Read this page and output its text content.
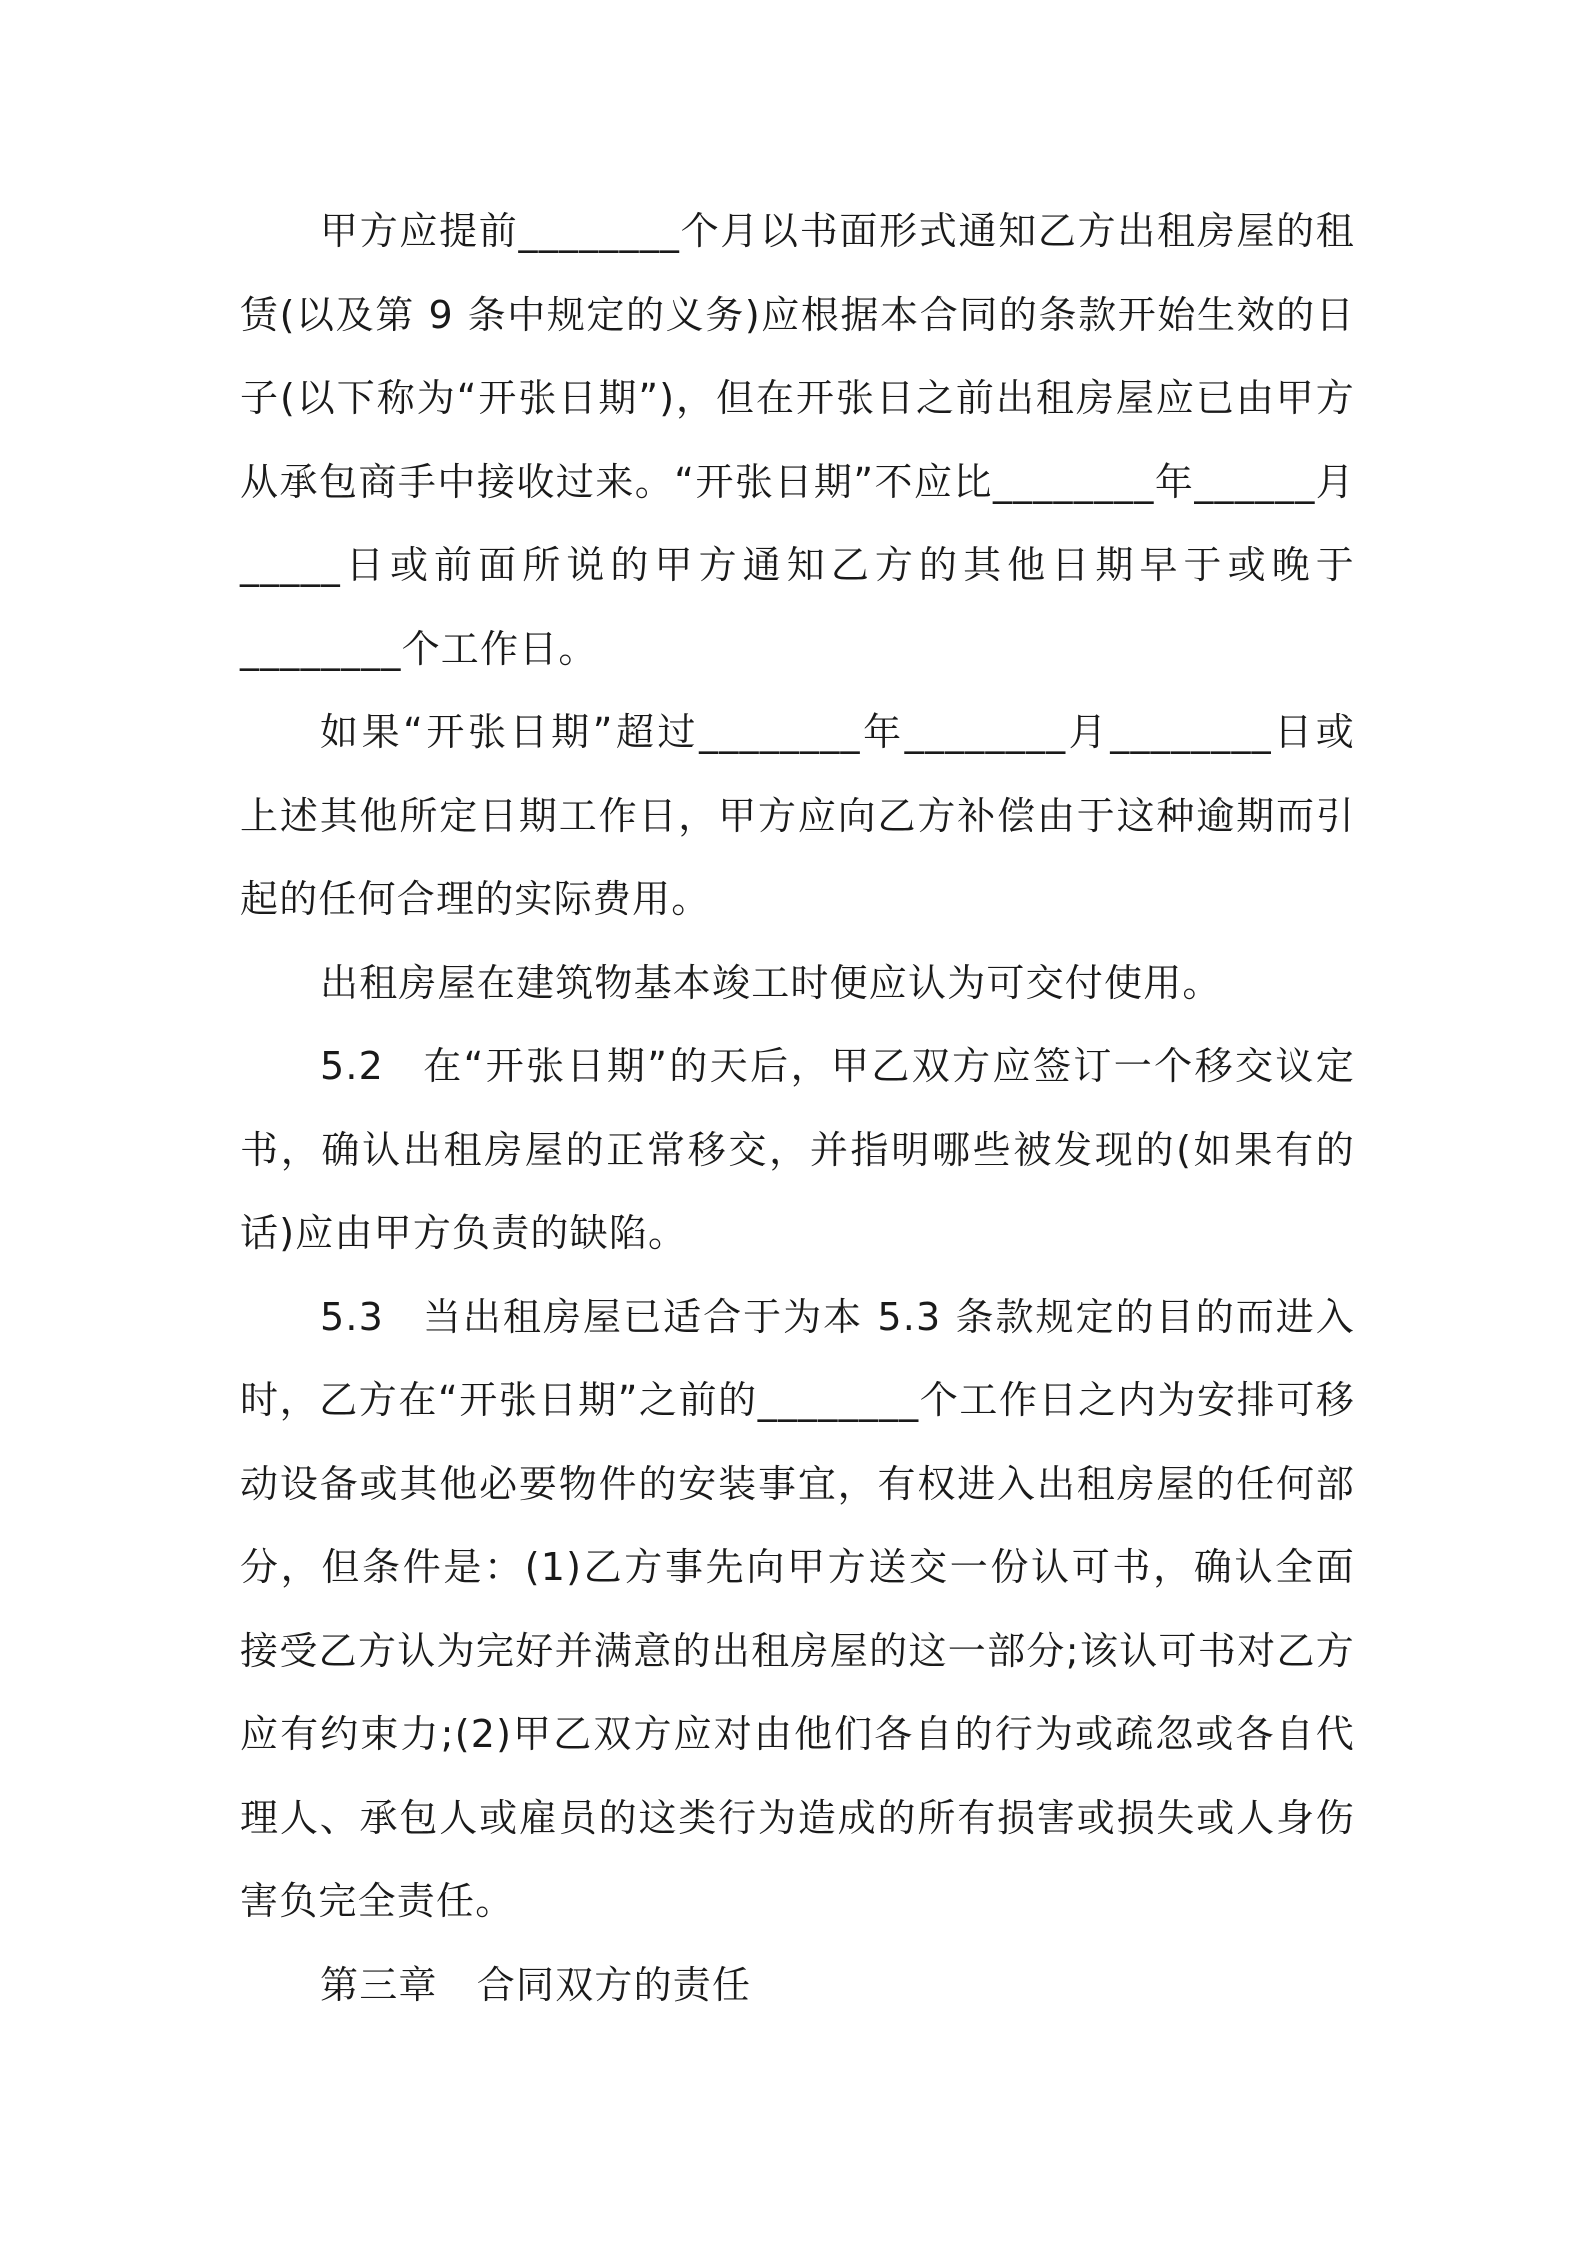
甲方应提前________个月以书面形式通知乙方出租房屋的租赁(以及第 9 条中规定的义务)应根据本合同的条款开始生效的日子(以下称为“开张日期”)，但在开张日之前出租房屋应已由甲方从承包商手中接收过来。“开张日期”不应比________年______月_____日或前面所说的甲方通知乙方的其他日期早于或晚于________个工作日。

如果“开张日期”超过________年________月________日或上述其他所定日期工作日，甲方应向乙方补偿由于这种逾期而引起的任何合理的实际费用。

出租房屋在建筑物基本竣工时便应认为可交付使用。

5.2 在“开张日期”的天后，甲乙双方应签订一个移交议定书，确认出租房屋的正常移交，并指明哪些被发现的(如果有的话)应由甲方负责的缺陷。

5.3 当出租房屋已适合于为本 5.3 条款规定的目的而进入时，乙方在“开张日期”之前的________个工作日之内为安排可移动设备或其他必要物件的安装事宜，有权进入出租房屋的任何部分，但条件是：(1)乙方事先向甲方送交一份认可书，确认全面接受乙方认为完好并满意的出租房屋的这一部分;该认可书对乙方应有约束力;(2)甲乙双方应对由他们各自的行为或疏忽或各自代理人、承包人或雇员的这类行为造成的所有损害或损失或人身伤害负完全责任。

第三章　合同双方的责任
